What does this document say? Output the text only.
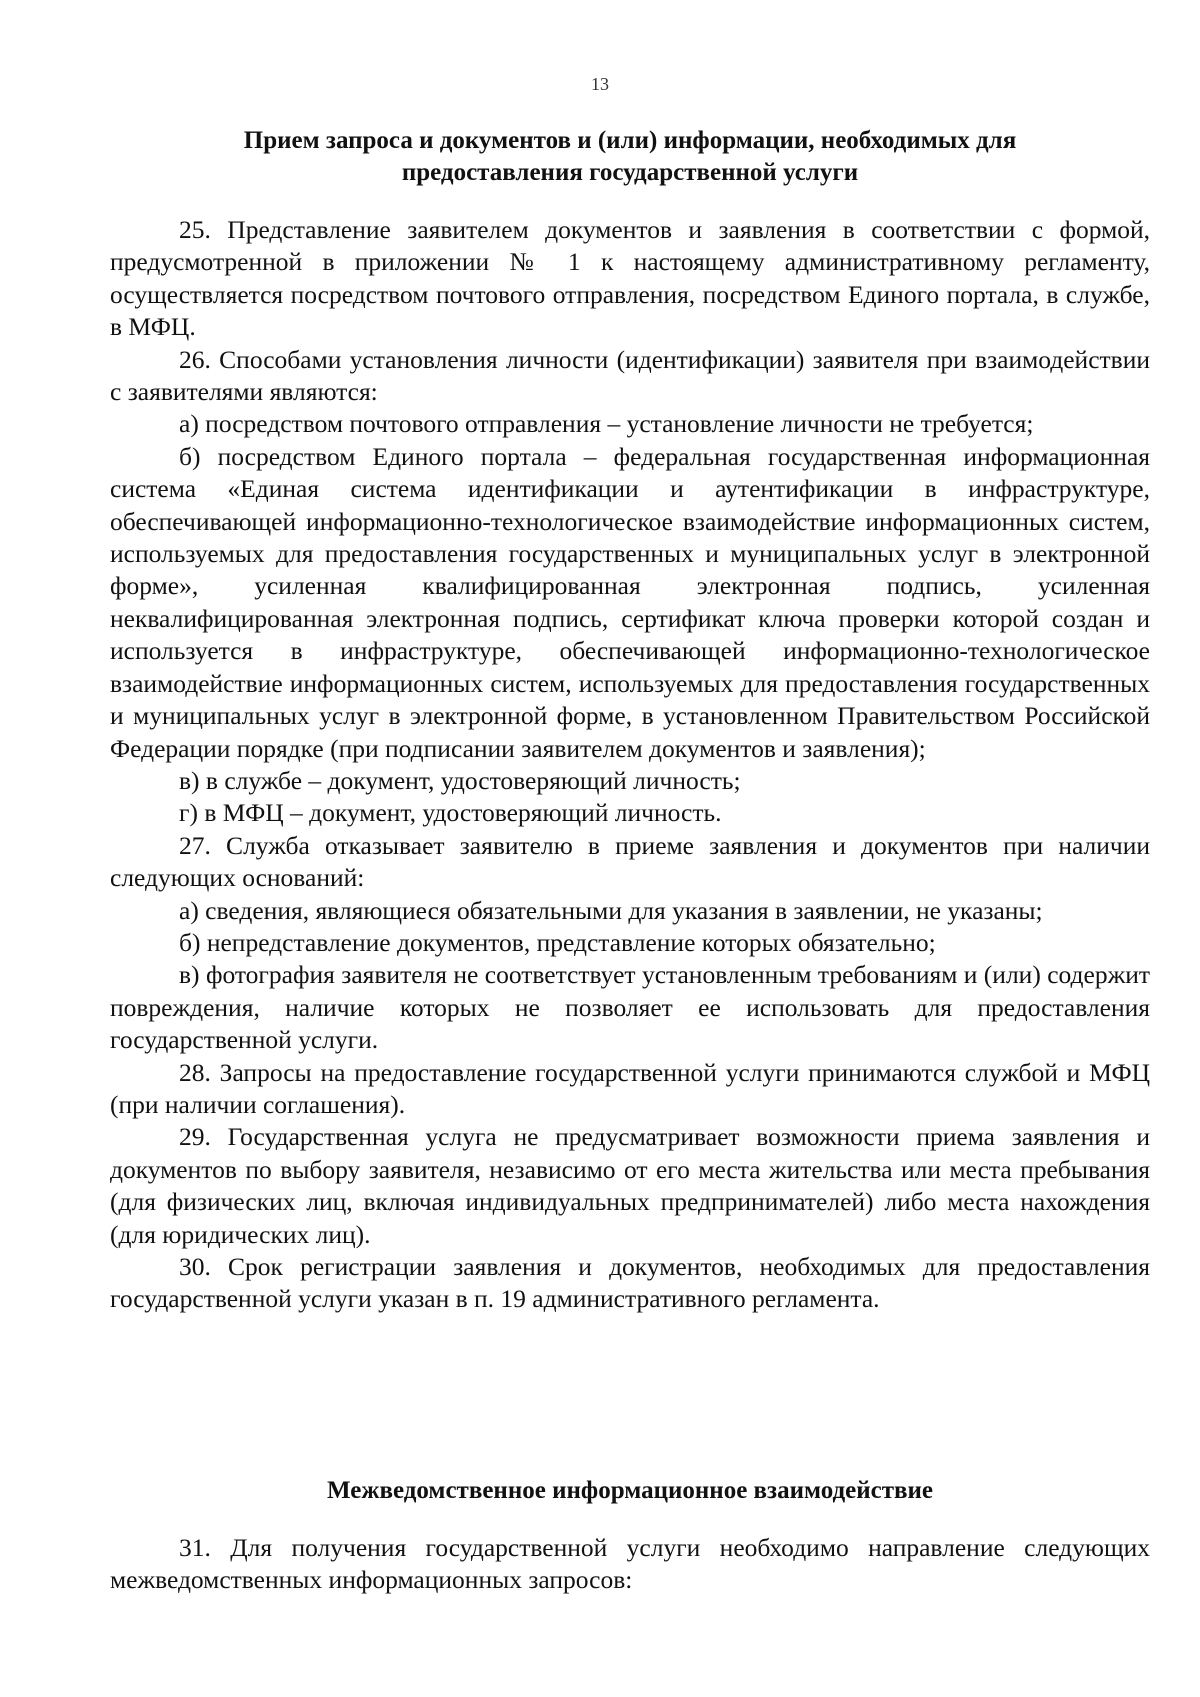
13
Прием запроса и документов и (или) информации, необходимых для
предоставления государственной услуги

25. Представление заявителем документов и заявления в соответствии с формой, предусмотренной в приложении № 1 к настоящему административному регламенту, осуществляется посредством почтового отправления, посредством Единого портала, в службе, в МФЦ.

26. Способами установления личности (идентификации) заявителя при взаимодействии с заявителями являются:

а) посредством почтового отправления – установление личности не требуется;

б) посредством Единого портала – федеральная государственная информационная система «Единая система идентификации и аутентификации в инфраструктуре, обеспечивающей информационно-технологическое взаимодействие информационных систем, используемых для предоставления государственных и муниципальных услуг в электронной форме», усиленная квалифицированная электронная подпись, усиленная неквалифицированная электронная подпись, сертификат ключа проверки которой создан и используется в инфраструктуре, обеспечивающей информационно-технологическое взаимодействие информационных систем, используемых для предоставления государственных и муниципальных услуг в электронной форме, в установленном Правительством Российской Федерации порядке (при подписании заявителем документов и заявления);

в) в службе – документ, удостоверяющий личность;

г) в МФЦ – документ, удостоверяющий личность.

27. Служба отказывает заявителю в приеме заявления и документов при наличии следующих оснований:

а) сведения, являющиеся обязательными для указания в заявлении, не указаны;

б) непредставление документов, представление которых обязательно;

в) фотография заявителя не соответствует установленным требованиям и (или) содержит повреждения, наличие которых не позволяет ее использовать для предоставления государственной услуги.

28. Запросы на предоставление государственной услуги принимаются службой и МФЦ (при наличии соглашения).

29. Государственная услуга не предусматривает возможности приема заявления и документов по выбору заявителя, независимо от его места жительства или места пребывания (для физических лиц, включая индивидуальных предпринимателей) либо места нахождения (для юридических лиц).

30. Срок регистрации заявления и документов, необходимых для предоставления государственной услуги указан в п. 19 административного регламента.

Межведомственное информационное взаимодействие

31. Для получения государственной услуги необходимо направление следующих межведомственных информационных запросов:
